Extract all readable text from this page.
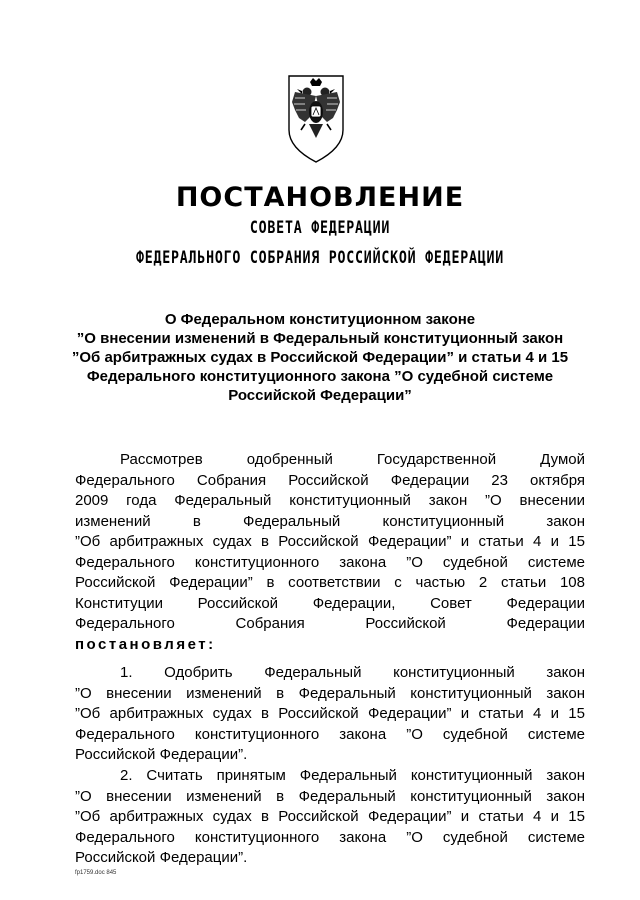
ПОСТАНОВЛЕНИЕ
СОВЕТА ФЕДЕРАЦИИ
ФЕДЕРАЛЬНОГО СОБРАНИЯ РОССИЙСКОЙ ФЕДЕРАЦИИ
О Федеральном конституционном законе
”О внесении изменений в Федеральный конституционный закон
”Об арбитражных судах в Российской Федерации” и статьи 4 и 15
Федерального конституционного закона ”О судебной системе
Российской Федерации”
Рассмотрев одобренный Государственной Думой
Федерального Собрания Российской Федерации 23 октября
2009 года Федеральный конституционный закон ”О внесении
изменений в Федеральный конституционный закон
”Об арбитражных судах в Российской Федерации” и статьи 4 и 15
Федерального конституционного закона ”О судебной системе
Российской Федерации” в соответствии с частью 2 статьи 108
Конституции Российской Федерации, Совет Федерации
Федерального Собрания Российской Федерации
постановляет:
1. Одобрить Федеральный конституционный закон
”О внесении изменений в Федеральный конституционный закон
”Об арбитражных судах в Российской Федерации” и статьи 4 и 15
Федерального конституционного закона ”О судебной системе
Российской Федерации”.
2. Считать принятым Федеральный конституционный закон
”О внесении изменений в Федеральный конституционный закон
”Об арбитражных судах в Российской Федерации” и статьи 4 и 15
Федерального конституционного закона ”О судебной системе
Российской Федерации”.
fp1759.doc 845
